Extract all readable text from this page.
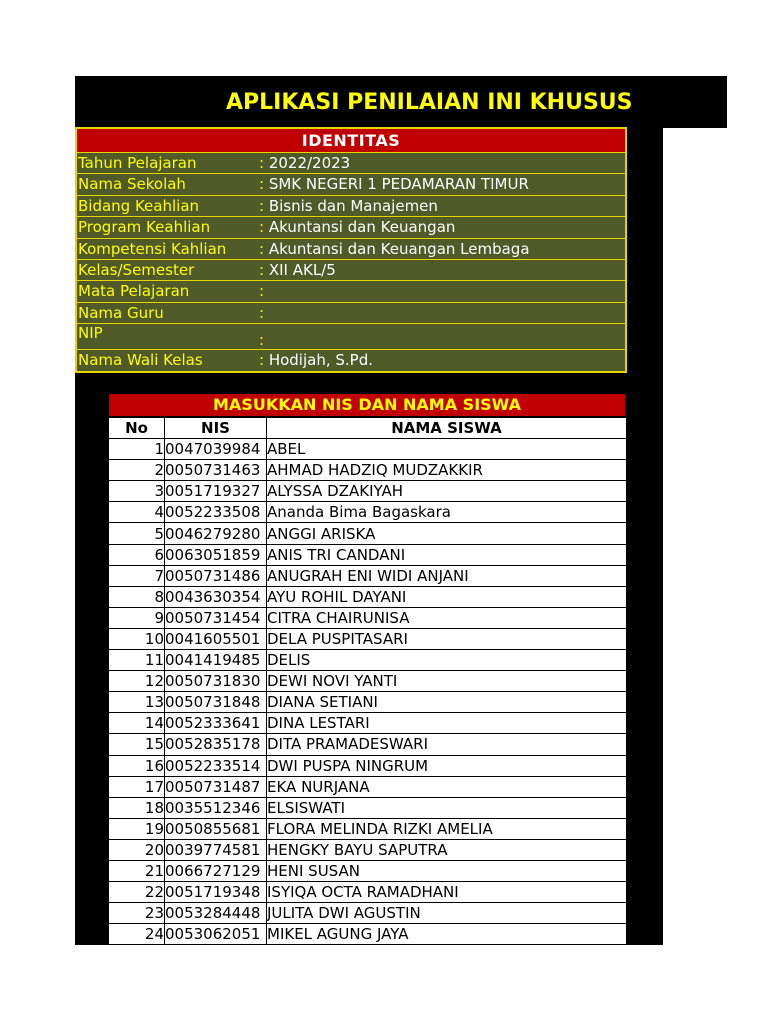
APLIKASI PENILAIAN INI KHUSUS
IDENTITAS
Tahun Pelajaran	: 2022/2023
Nama Sekolah	: SMK NEGERI 1 PEDAMARAN TIMUR
Bidang Keahlian	: Bisnis dan Manajemen
Program Keahlian	: Akuntansi dan Keuangan
Kompetensi Kahlian	: Akuntansi dan Keuangan Lembaga
Kelas/Semester	: XII AKL/5
Mata Pelajaran	:
Nama Guru	:
NIP	:
Nama Wali Kelas	: Hodijah, S.Pd.
MASUKKAN NIS DAN NAMA SISWA
No	NIS	NAMA SISWA
1	0047039984	ABEL
2	0050731463	AHMAD HADZIQ MUDZAKKIR
3	0051719327	ALYSSA DZAKIYAH
4	0052233508	Ananda Bima Bagaskara
5	0046279280	ANGGI ARISKA
6	0063051859	ANIS TRI CANDANI
7	0050731486	ANUGRAH ENI WIDI ANJANI
8	0043630354	AYU ROHIL DAYANI
9	0050731454	CITRA CHAIRUNISA
10	0041605501	DELA PUSPITASARI
11	0041419485	DELIS
12	0050731830	DEWI NOVI YANTI
13	0050731848	DIANA SETIANI
14	0052333641	DINA LESTARI
15	0052835178	DITA PRAMADESWARI
16	0052233514	DWI PUSPA NINGRUM
17	0050731487	EKA NURJANA
18	0035512346	ELSISWATI
19	0050855681	FLORA MELINDA RIZKI AMELIA
20	0039774581	HENGKY BAYU SAPUTRA
21	0066727129	HENI SUSAN
22	0051719348	ISYIQA OCTA RAMADHANI
23	0053284448	JULITA DWI AGUSTIN
24	0053062051	MIKEL AGUNG JAYA
